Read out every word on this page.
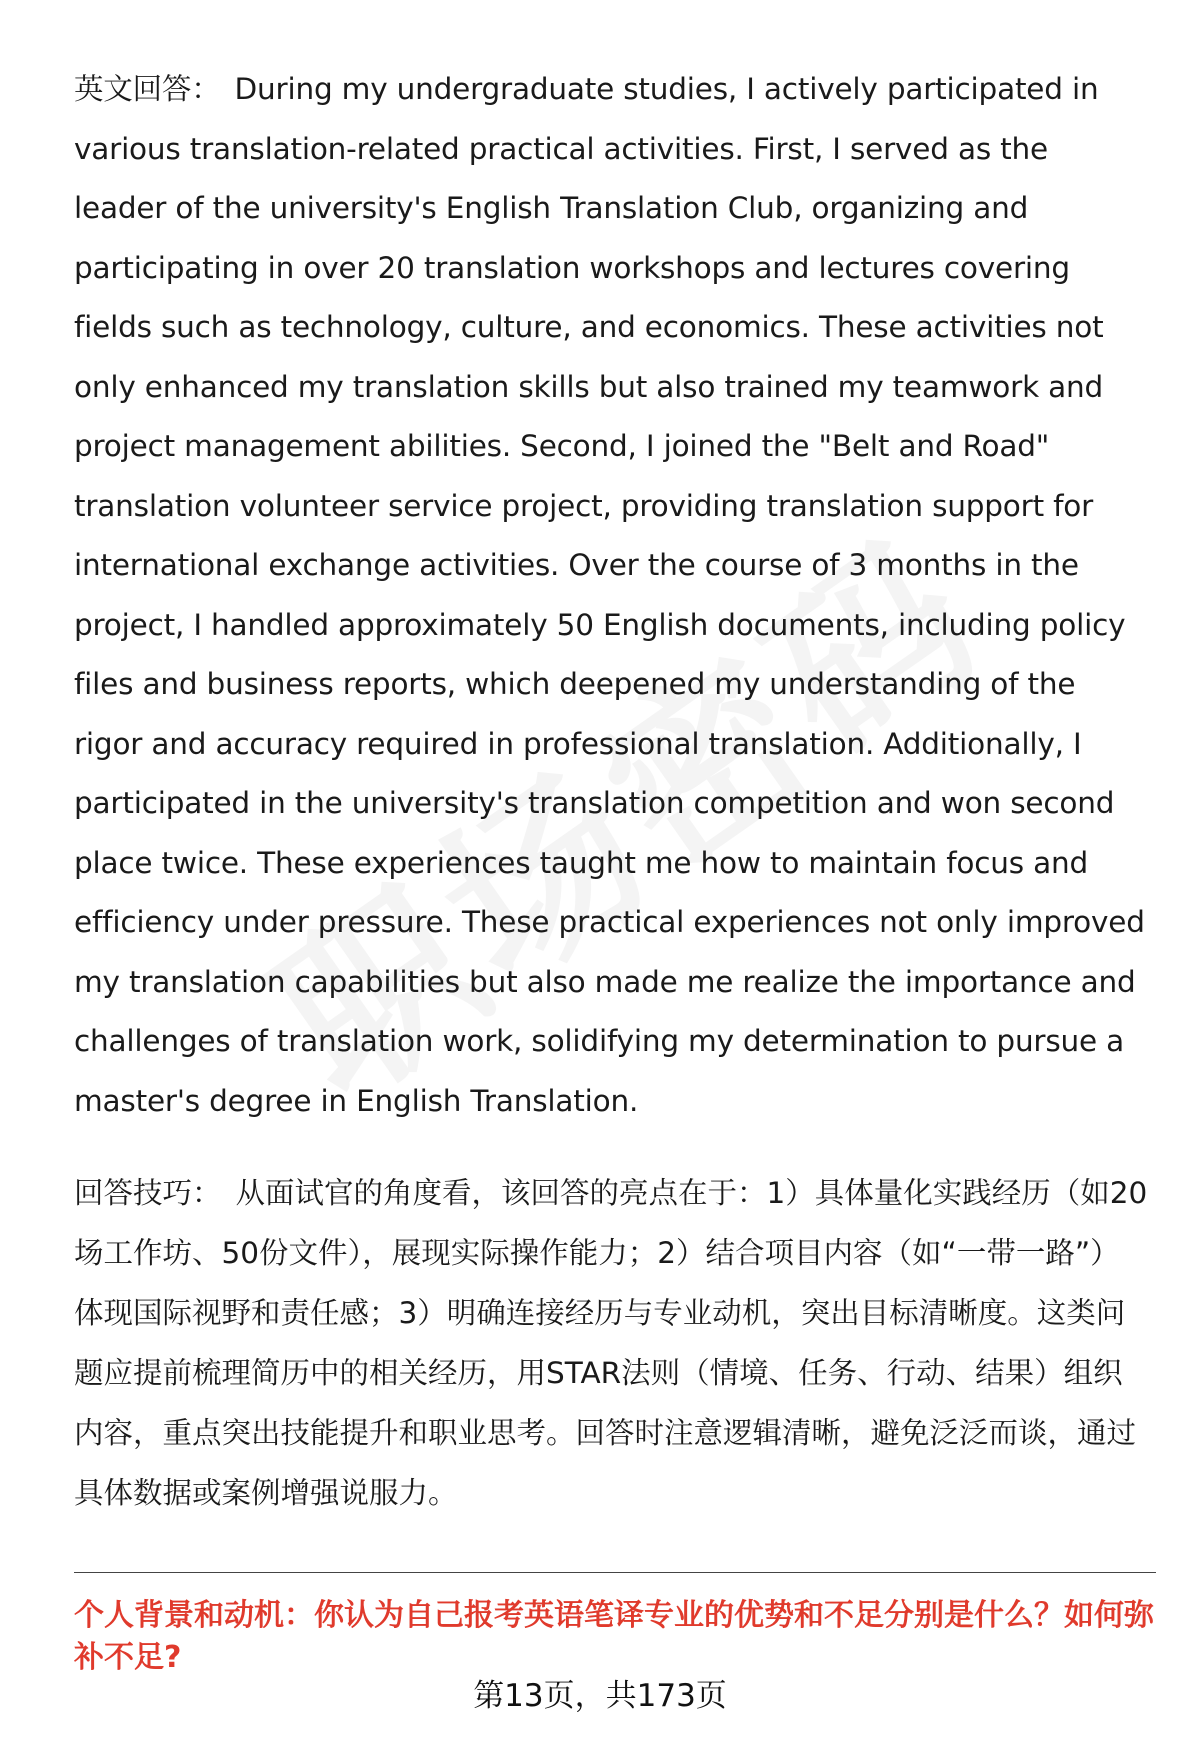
英文回答： During my undergraduate studies, I actively participated in various translation-related practical activities. First, I served as the leader of the university's English Translation Club, organizing and participating in over 20 translation workshops and lectures covering fields such as technology, culture, and economics. These activities not only enhanced my translation skills but also trained my teamwork and project management abilities. Second, I joined the "Belt and Road" translation volunteer service project, providing translation support for international exchange activities. Over the course of 3 months in the project, I handled approximately 50 English documents, including policy files and business reports, which deepened my understanding of the rigor and accuracy required in professional translation. Additionally, I participated in the university's translation competition and won second place twice. These experiences taught me how to maintain focus and efficiency under pressure. These practical experiences not only improved my translation capabilities but also made me realize the importance and challenges of translation work, solidifying my determination to pursue a master's degree in English Translation.
回答技巧： 从面试官的角度看，该回答的亮点在于：1）具体量化实践经历（如20场工作坊、50份文件），展现实际操作能力；2）结合项目内容（如“一带一路”）体现国际视野和责任感；3）明确连接经历与专业动机，突出目标清晰度。这类问题应提前梳理简历中的相关经历，用STAR法则（情境、任务、行动、结果）组织内容，重点突出技能提升和职业思考。回答时注意逻辑清晰，避免泛泛而谈，通过具体数据或案例增强说服力。
个人背景和动机：你认为自己报考英语笔译专业的优势和不足分别是什么？如何弥补不足?
第13页，共173页
